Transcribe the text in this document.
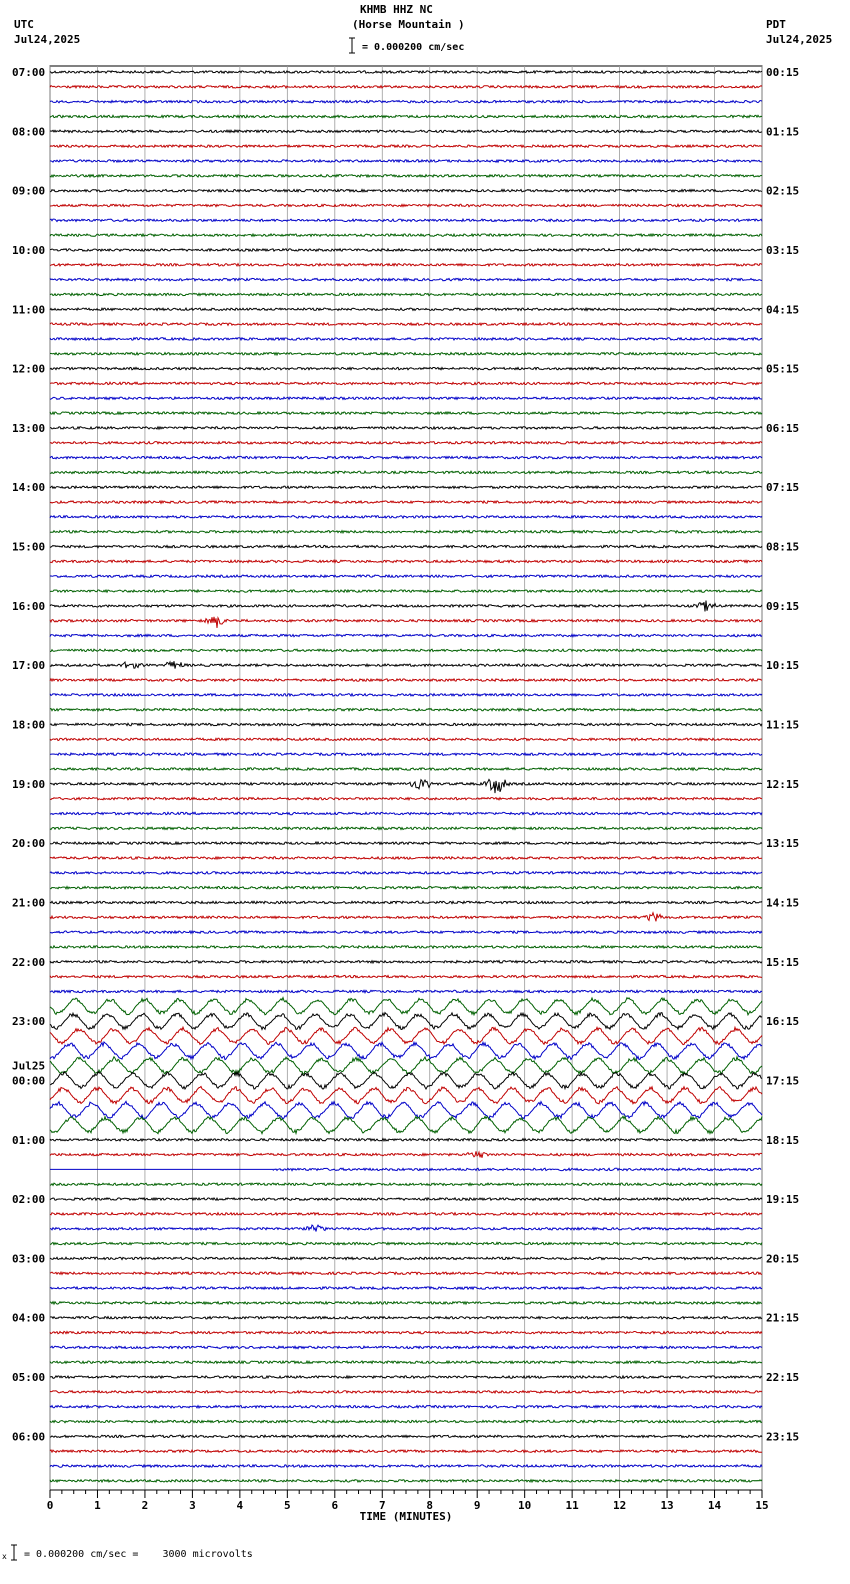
KHMB HHZ NC
(Horse Mountain )
= 0.000200 cm/sec
UTC
Jul24,2025
PDT
Jul24,2025
= 0.000200 cm/sec =    3000 microvolts
x
0	1	2	3	4	5	6	7	8	9	10	11	12	13	14	15
TIME (MINUTES)
07:00
08:00
09:00
10:00
11:00
12:00
13:00
14:00
15:00
16:00
17:00
18:00
19:00
20:00
21:00
22:00
23:00
00:00
Jul25
01:00
02:00
03:00
04:00
05:00
06:00
00:15
01:15
02:15
03:15
04:15
05:15
06:15
07:15
08:15
09:15
10:15
11:15
12:15
13:15
14:15
15:15
16:15
17:15
18:15
19:15
20:15
21:15
22:15
23:15
